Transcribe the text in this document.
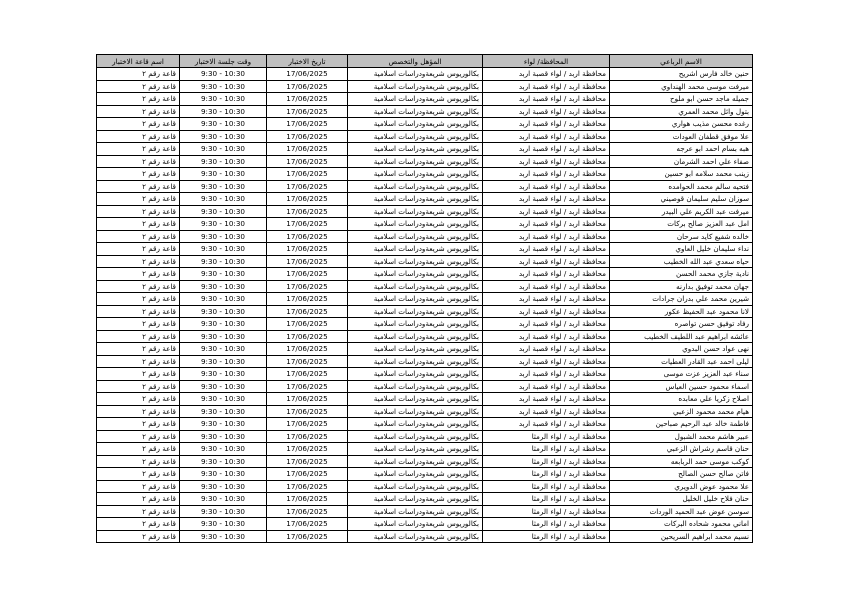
الاسم الرباعي	المحافظة/ لواء	المؤهل والتخصص	تاريخ الاختبار	وقت جلسة الاختبار	اسم قاعة الاختبار
حنين خالد فارس اشريح	محافظة اربد / لواء قصبة اربد	بكالوريوس شريعةودراسات اسلامية	17/06/2025	9:30 - 10:30	قاعة رقم ٢
ميرفت موسى محمد الهنداوي	محافظة اربد / لواء قصبة اربد	بكالوريوس شريعةودراسات اسلامية	17/06/2025	9:30 - 10:30	قاعة رقم ٢
جميله ماجد حسن ابو ملوح	محافظة اربد / لواء قصبة اربد	بكالوريوس شريعةودراسات اسلامية	17/06/2025	9:30 - 10:30	قاعة رقم ٢
بتول وائل محمد العمري	محافظة اربد / لواء قصبة اربد	بكالوريوس شريعةودراسات اسلامية	17/06/2025	9:30 - 10:30	قاعة رقم ٢
رغده محسن مذيب هواري	محافظة اربد / لواء قصبة اربد	بكالوريوس شريعةودراسات اسلامية	17/06/2025	9:30 - 10:30	قاعة رقم ٢
علا موفق قطفان العودات	محافظة اربد / لواء قصبة اربد	بكالوريوس شريعةودراسات اسلامية	17/06/2025	9:30 - 10:30	قاعة رقم ٢
هبه بسام احمد ابو عرجه	محافظة اربد / لواء قصبة اربد	بكالوريوس شريعةودراسات اسلامية	17/06/2025	9:30 - 10:30	قاعة رقم ٢
صفاء علي احمد الشرمان	محافظة اربد / لواء قصبة اربد	بكالوريوس شريعةودراسات اسلامية	17/06/2025	9:30 - 10:30	قاعة رقم ٢
زينب محمد سلامه ابو حسين	محافظة اربد / لواء قصبة اربد	بكالوريوس شريعةودراسات اسلامية	17/06/2025	9:30 - 10:30	قاعة رقم ٢
فتحيه سالم محمد الحوامده	محافظة اربد / لواء قصبة اربد	بكالوريوس شريعةودراسات اسلامية	17/06/2025	9:30 - 10:30	قاعة رقم ٢
سوزان سليم سليمان قوصيني	محافظة اربد / لواء قصبة اربد	بكالوريوس شريعةودراسات اسلامية	17/06/2025	9:30 - 10:30	قاعة رقم ٢
ميرفت عبد الكريم علي البيدر	محافظة اربد / لواء قصبة اربد	بكالوريوس شريعةودراسات اسلامية	17/06/2025	9:30 - 10:30	قاعة رقم ٢
امل عبد العزيز صالح بركات	محافظة اربد / لواء قصبة اربد	بكالوريوس شريعةودراسات اسلامية	17/06/2025	9:30 - 10:30	قاعة رقم ٢
خالده شفيع كايد سرحان	محافظة اربد / لواء قصبة اربد	بكالوريوس شريعةودراسات اسلامية	17/06/2025	9:30 - 10:30	قاعة رقم ٢
نداء سليمان خليل العاوي	محافظة اربد / لواء قصبة اربد	بكالوريوس شريعةودراسات اسلامية	17/06/2025	9:30 - 10:30	قاعة رقم ٢
حياه سعدي عبد الله الخطيب	محافظة اربد / لواء قصبة اربد	بكالوريوس شريعةودراسات اسلامية	17/06/2025	9:30 - 10:30	قاعة رقم ٢
نادية جازي محمد الحسن	محافظة اربد / لواء قصبة اربد	بكالوريوس شريعةودراسات اسلامية	17/06/2025	9:30 - 10:30	قاعة رقم ٢
جهان محمد توفيق بدارنه	محافظة اربد / لواء قصبة اربد	بكالوريوس شريعةودراسات اسلامية	17/06/2025	9:30 - 10:30	قاعة رقم ٢
شيرين محمد علي بدران جرادات	محافظة اربد / لواء قصبة اربد	بكالوريوس شريعةودراسات اسلامية	17/06/2025	9:30 - 10:30	قاعة رقم ٢
لانا محمود عبد الحفيظ عكور	محافظة اربد / لواء قصبة اربد	بكالوريوس شريعةودراسات اسلامية	17/06/2025	9:30 - 10:30	قاعة رقم ٢
رفاد توفيق حسن تواصره	محافظة اربد / لواء قصبة اربد	بكالوريوس شريعةودراسات اسلامية	17/06/2025	9:30 - 10:30	قاعة رقم ٢
عائشه ابراهيم عبد اللطيف الخطيب	محافظة اربد / لواء قصبة اربد	بكالوريوس شريعةودراسات اسلامية	17/06/2025	9:30 - 10:30	قاعة رقم ٢
نهى عواد حسن البدوي	محافظة اربد / لواء قصبة اربد	بكالوريوس شريعةودراسات اسلامية	17/06/2025	9:30 - 10:30	قاعة رقم ٢
ليلى احمد عبد القادر العطيات	محافظة اربد / لواء قصبة اربد	بكالوريوس شريعةودراسات اسلامية	17/06/2025	9:30 - 10:30	قاعة رقم ٢
سناء عبد العزيز عزت موسى	محافظة اربد / لواء قصبة اربد	بكالوريوس شريعةودراسات اسلامية	17/06/2025	9:30 - 10:30	قاعة رقم ٢
اسماء محمود حسين العياس	محافظة اربد / لواء قصبة اربد	بكالوريوس شريعةودراسات اسلامية	17/06/2025	9:30 - 10:30	قاعة رقم ٢
اصلاح زكريا علي معابده	محافظة اربد / لواء قصبة اربد	بكالوريوس شريعةودراسات اسلامية	17/06/2025	9:30 - 10:30	قاعة رقم ٢
هيام محمد محمود الزعبي	محافظة اربد / لواء قصبة اربد	بكالوريوس شريعةودراسات اسلامية	17/06/2025	9:30 - 10:30	قاعة رقم ٢
فاطمة خالد عبد الرحيم صباحين	محافظة اربد / لواء قصبة اربد	بكالوريوس شريعةودراسات اسلامية	17/06/2025	9:30 - 10:30	قاعة رقم ٢
عبير هاشم محمد الشبول	محافظة اربد / لواء الرمثا	بكالوريوس شريعةودراسات اسلامية	17/06/2025	9:30 - 10:30	قاعة رقم ٢
حنان قاسم رشراش الزعبي	محافظة اربد / لواء الرمثا	بكالوريوس شريعةودراسات اسلامية	17/06/2025	9:30 - 10:30	قاعة رقم ٢
كوكب موسى حمد الربابعه	محافظة اربد / لواء الرمثا	بكالوريوس شريعةودراسات اسلامية	17/06/2025	9:30 - 10:30	قاعة رقم ٢
فاتن صالح حسن الصالح	محافظة اربد / لواء الرمثا	بكالوريوس شريعةودراسات اسلامية	17/06/2025	9:30 - 10:30	قاعة رقم ٢
علا محمود عوض الدويري	محافظة اربد / لواء الرمثا	بكالوريوس شريعةودراسات اسلامية	17/06/2025	9:30 - 10:30	قاعة رقم ٢
حنان فلاح خليل الخليل	محافظة اربد / لواء الرمثا	بكالوريوس شريعةودراسات اسلامية	17/06/2025	9:30 - 10:30	قاعة رقم ٢
سوسن عوض عبد الحميد الوردات	محافظة اربد / لواء الرمثا	بكالوريوس شريعةودراسات اسلامية	17/06/2025	9:30 - 10:30	قاعة رقم ٢
اماني محمود شحاده البركات	محافظة اربد / لواء الرمثا	بكالوريوس شريعةودراسات اسلامية	17/06/2025	9:30 - 10:30	قاعة رقم ٢
نسيم محمد ابراهيم السريحين	محافظة اربد / لواء الرمثا	بكالوريوس شريعةودراسات اسلامية	17/06/2025	9:30 - 10:30	قاعة رقم ٢
